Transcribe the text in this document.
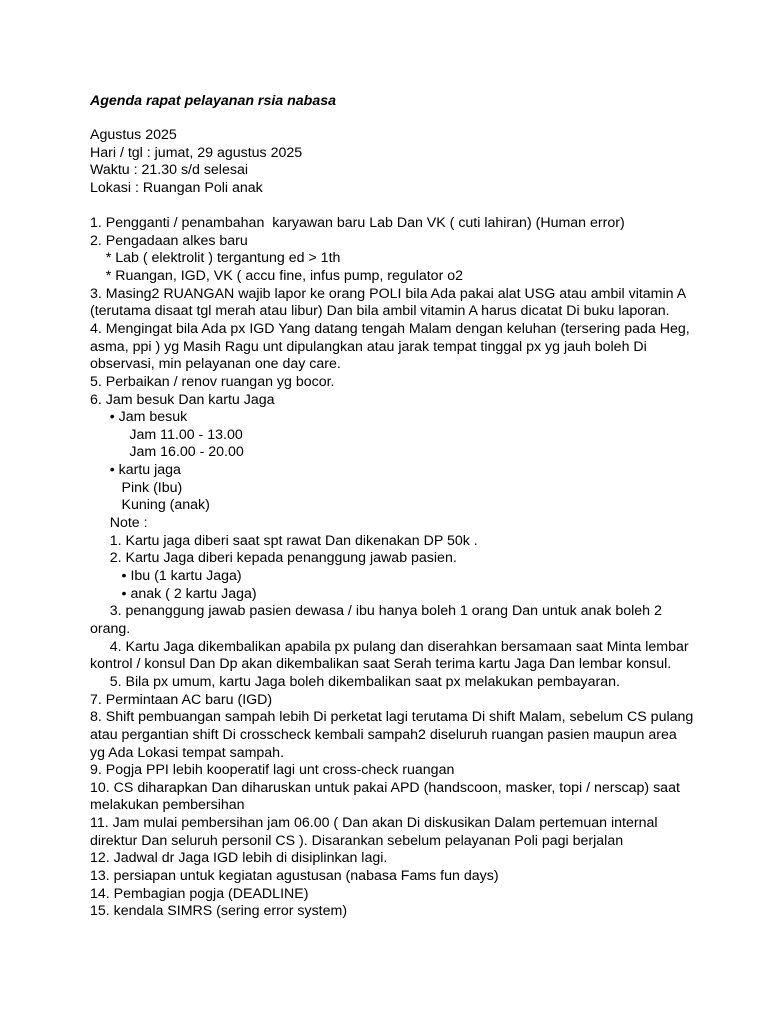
Agenda rapat pelayanan rsia nabasa

Agustus 2025

Hari / tgl : jumat, 29 agustus 2025

Waktu : 21.30 s/d selesai

Lokasi : Ruangan Poli anak

1. Pengganti / penambahan  karyawan baru Lab Dan VK ( cuti lahiran) (Human error)

2. Pengadaan alkes baru

* Lab ( elektrolit ) tergantung ed > 1th

* Ruangan, IGD, VK ( accu fine, infus pump, regulator o2

3. Masing2 RUANGAN wajib lapor ke orang POLI bila Ada pakai alat USG atau ambil vitamin A

(terutama disaat tgl merah atau libur) Dan bila ambil vitamin A harus dicatat Di buku laporan.

4. Mengingat bila Ada px IGD Yang datang tengah Malam dengan keluhan (tersering pada Heg,

asma, ppi ) yg Masih Ragu unt dipulangkan atau jarak tempat tinggal px yg jauh boleh Di

observasi, min pelayanan one day care.

5. Perbaikan / renov ruangan yg bocor.

6. Jam besuk Dan kartu Jaga

• Jam besuk

Jam 11.00 - 13.00

Jam 16.00 - 20.00

• kartu jaga

Pink (Ibu)

Kuning (anak)

Note :

1. Kartu jaga diberi saat spt rawat Dan dikenakan DP 50k .

2. Kartu Jaga diberi kepada penanggung jawab pasien.

• Ibu (1 kartu Jaga)

• anak ( 2 kartu Jaga)

3. penanggung jawab pasien dewasa / ibu hanya boleh 1 orang Dan untuk anak boleh 2

orang.

4. Kartu Jaga dikembalikan apabila px pulang dan diserahkan bersamaan saat Minta lembar

kontrol / konsul Dan Dp akan dikembalikan saat Serah terima kartu Jaga Dan lembar konsul.

5. Bila px umum, kartu Jaga boleh dikembalikan saat px melakukan pembayaran.

7. Permintaan AC baru (IGD)

8. Shift pembuangan sampah lebih Di perketat lagi terutama Di shift Malam, sebelum CS pulang

atau pergantian shift Di crosscheck kembali sampah2 diseluruh ruangan pasien maupun area

yg Ada Lokasi tempat sampah.

9. Pogja PPI lebih kooperatif lagi unt cross-check ruangan

10. CS diharapkan Dan diharuskan untuk pakai APD (handscoon, masker, topi / nerscap) saat

melakukan pembersihan

11. Jam mulai pembersihan jam 06.00 ( Dan akan Di diskusikan Dalam pertemuan internal

direktur Dan seluruh personil CS ). Disarankan sebelum pelayanan Poli pagi berjalan

12. Jadwal dr Jaga IGD lebih di disiplinkan lagi.

13. persiapan untuk kegiatan agustusan (nabasa Fams fun days)

14. Pembagian pogja (DEADLINE)

15. kendala SIMRS (sering error system)
